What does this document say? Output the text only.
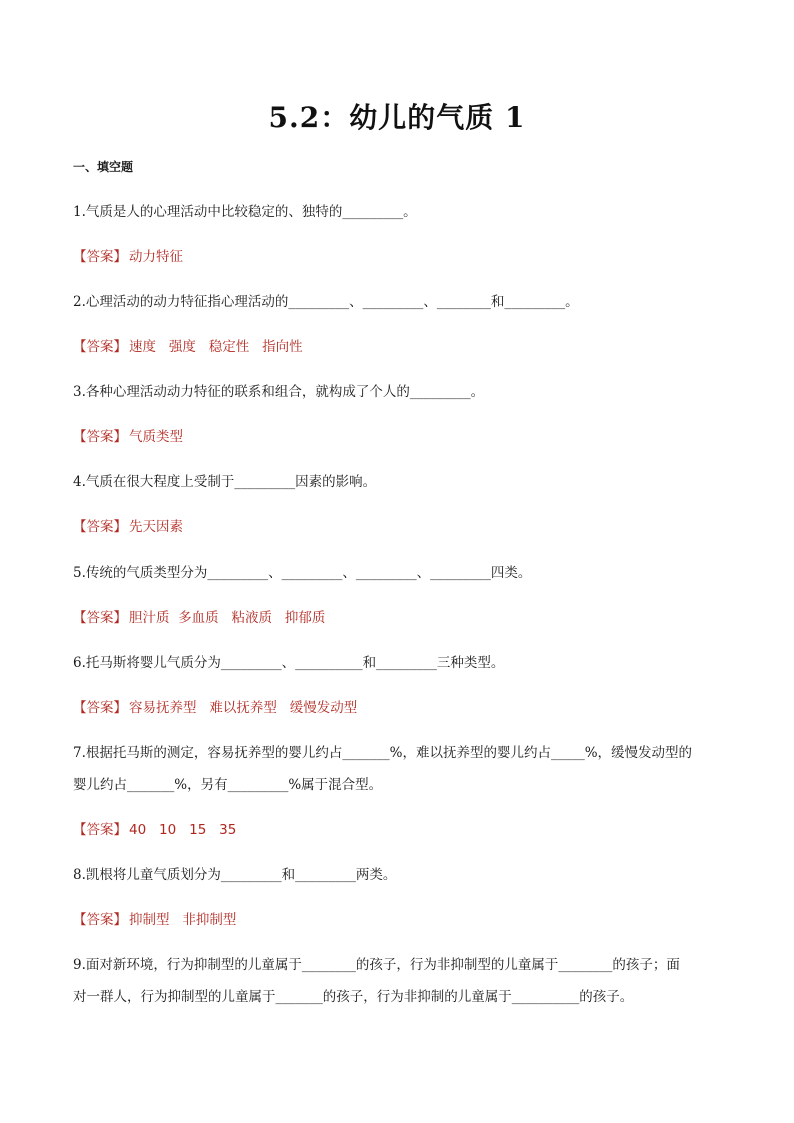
5.2：幼儿的气质 1
一、填空题
1.气质是人的心理活动中比较稳定的、独特的_________。
【答案】 动力特征
2.心理活动的动力特征指心理活动的_________、_________、________和_________。
【答案】 速度   强度   稳定性   指向性
3.各种心理活动动力特征的联系和组合，就构成了个人的_________。
【答案】 气质类型
4.气质在很大程度上受制于_________因素的影响。
【答案】 先天因素
5.传统的气质类型分为_________、_________、_________、_________四类。
【答案】 胆汁质  多血质   粘液质   抑郁质
6.托马斯将婴儿气质分为_________、__________和_________三种类型。
【答案】 容易抚养型   难以抚养型   缓慢发动型
7.根据托马斯的测定，容易抚养型的婴儿约占_______%，难以抚养型的婴儿约占_____%，缓慢发动型的
婴儿约占_______%，另有_________%属于混合型。
【答案】 40   10   15   35
8.凯根将儿童气质划分为_________和_________两类。
【答案】 抑制型   非抑制型
9.面对新环境，行为抑制型的儿童属于________的孩子，行为非抑制型的儿童属于________的孩子；面
对一群人，行为抑制型的儿童属于_______的孩子，行为非抑制的儿童属于__________的孩子。
